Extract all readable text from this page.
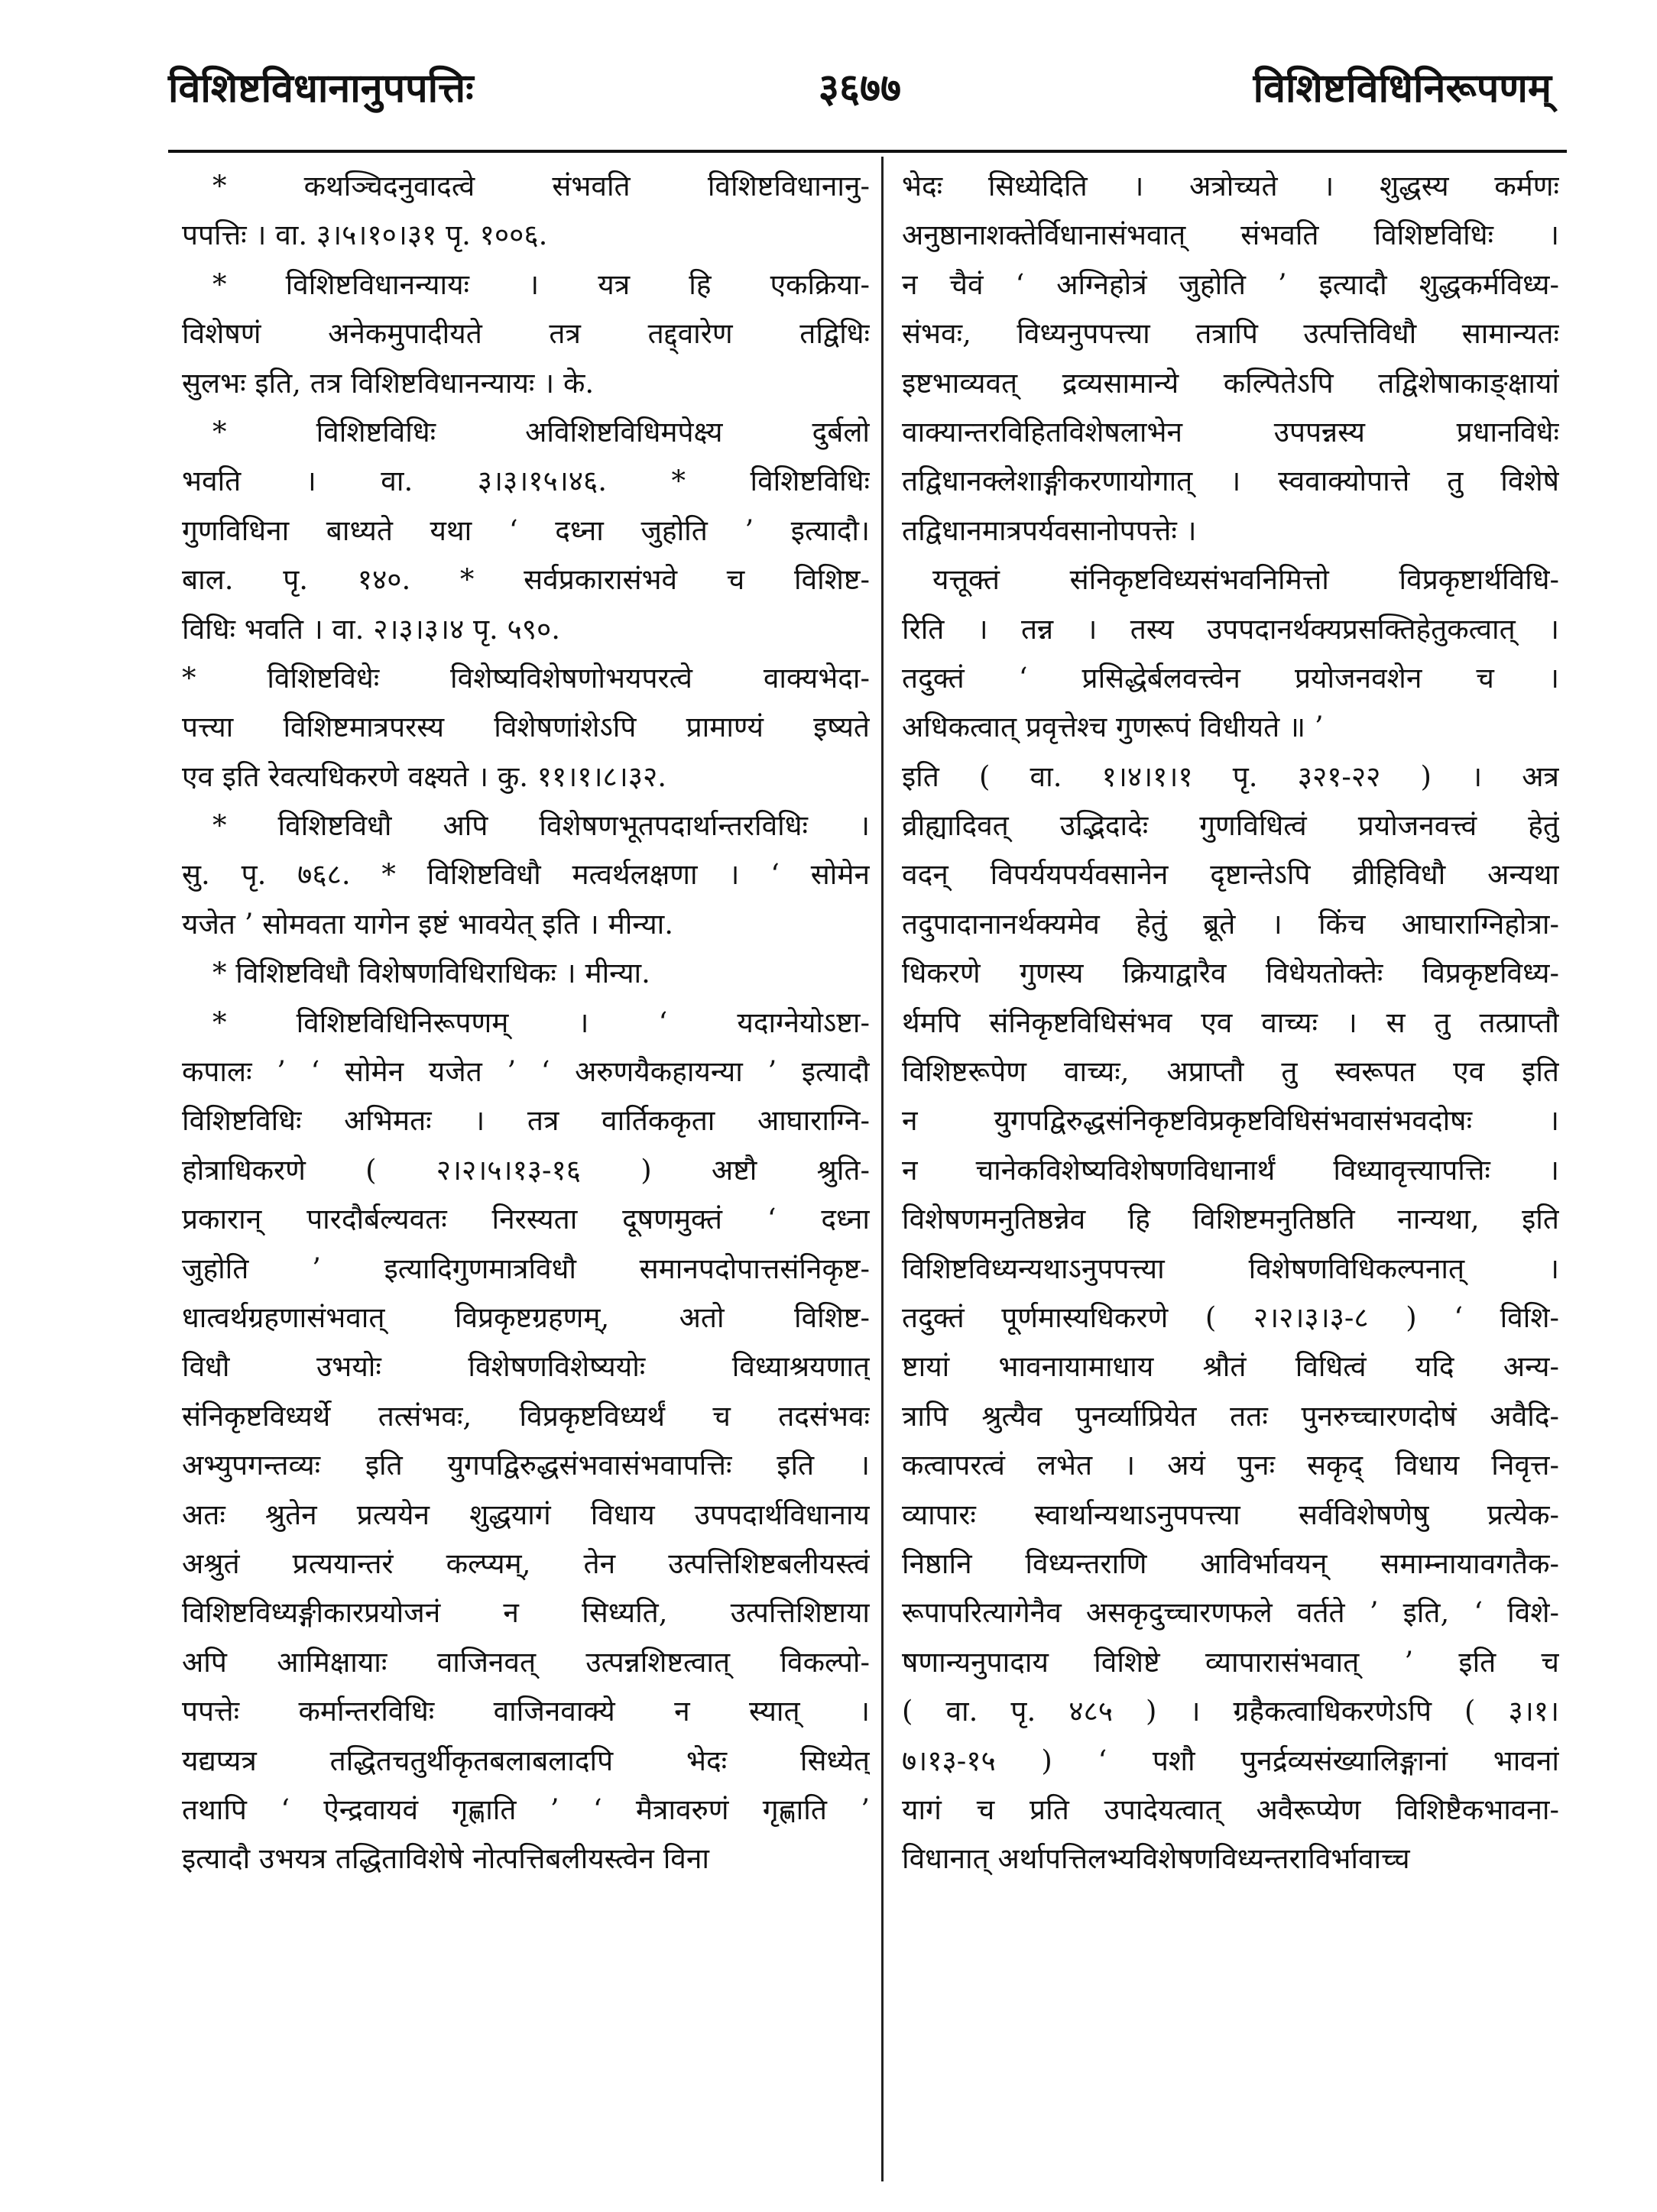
विशिष्टविधानानुपपत्तिः	३६७७	विशिष्टविधिनिरूपणम्
* कथञ्चिदनुवादत्वे संभवति विशिष्टविधानानु-
पपत्तिः । वा. ३।५।१०।३१ पृ. १००६.
* विशिष्टविधानन्यायः । यत्र हि एकक्रिया-
विशेषणं अनेकमुपादीयते तत्र तद्द्वारेण तद्विधिः
सुलभः इति, तत्र विशिष्टविधानन्यायः । के.
* विशिष्टविधिः अविशिष्टविधिमपेक्ष्य दुर्बलो
भवति । वा. ३।३।१५।४६. * विशिष्टविधिः
गुणविधिना बाध्यते यथा ‘ दध्ना जुहोति ’ इत्यादौ।
बाल. पृ. १४०. * सर्वप्रकारासंभवे च विशिष्ट-
विधिः भवति । वा. २।३।३।४ पृ. ५९०.
* विशिष्टविधेः विशेष्यविशेषणोभयपरत्वे वाक्यभेदा-
पत्त्या विशिष्टमात्रपरस्य विशेषणांशेऽपि प्रामाण्यं इष्यते
एव इति रेवत्यधिकरणे वक्ष्यते । कु. ११।१।८।३२.
* विशिष्टविधौ अपि विशेषणभूतपदार्थान्तरविधिः ।
सु. पृ. ७६८. * विशिष्टविधौ मत्वर्थलक्षणा । ‘ सोमेन
यजेत ’ सोमवता यागेन इष्टं भावयेत् इति । मीन्या.
* विशिष्टविधौ विशेषणविधिराधिकः । मीन्या.
* विशिष्टविधिनिरूपणम् । ‘ यदाग्नेयोऽष्टा-
कपालः ’ ‘ सोमेन यजेत ’ ‘ अरुणयैकहायन्या ’ इत्यादौ
विशिष्टविधिः अभिमतः । तत्र वार्तिककृता आघाराग्नि-
होत्राधिकरणे ( २।२।५।१३-१६ ) अष्टौ श्रुति-
प्रकारान् पारदौर्बल्यवतः निरस्यता दूषणमुक्तं ‘ दध्ना
जुहोति ’ इत्यादिगुणमात्रविधौ समानपदोपात्तसंनिकृष्ट-
धात्वर्थग्रहणासंभवात् विप्रकृष्टग्रहणम्, अतो विशिष्ट-
विधौ उभयोः विशेषणविशेष्ययोः विध्याश्रयणात्
संनिकृष्टविध्यर्थे तत्संभवः, विप्रकृष्टविध्यर्थं च तदसंभवः
अभ्युपगन्तव्यः इति युगपद्विरुद्धसंभवासंभवापत्तिः इति ।
अतः श्रुतेन प्रत्ययेन शुद्धयागं विधाय उपपदार्थविधानाय
अश्रुतं प्रत्ययान्तरं कल्प्यम्, तेन उत्पत्तिशिष्टबलीयस्त्वं
विशिष्टविध्यङ्गीकारप्रयोजनं न सिध्यति, उत्पत्तिशिष्टाया
अपि आमिक्षायाः वाजिनवत् उत्पन्नशिष्टत्वात् विकल्पो-
पपत्तेः कर्मान्तरविधिः वाजिनवाक्ये न स्यात् ।
यद्यप्यत्र तद्धितचतुर्थीकृतबलाबलादपि भेदः सिध्येत्
तथापि ‘ ऐन्द्रवायवं गृह्णाति ’ ‘ मैत्रावरुणं गृह्णाति ’
इत्यादौ उभयत्र तद्धिताविशेषे नोत्पत्तिबलीयस्त्वेन विना
भेदः सिध्येदिति । अत्रोच्यते । शुद्धस्य कर्मणः
अनुष्ठानाशक्तेर्विधानासंभवात् संभवति विशिष्टविधिः ।
न चैवं ‘ अग्निहोत्रं जुहोति ’ इत्यादौ शुद्धकर्मविध्य-
संभवः, विध्यनुपपत्त्या तत्रापि उत्पत्तिविधौ सामान्यतः
इष्टभाव्यवत् द्रव्यसामान्ये कल्पितेऽपि तद्विशेषाकाङ्क्षायां
वाक्यान्तरविहितविशेषलाभेन उपपन्नस्य प्रधानविधेः
तद्विधानक्लेशाङ्गीकरणायोगात् । स्ववाक्योपात्ते तु विशेषे
तद्विधानमात्रपर्यवसानोपपत्तेः ।
यत्तूक्तं संनिकृष्टविध्यसंभवनिमित्तो विप्रकृष्टार्थविधि-
रिति । तन्न । तस्य उपपदानर्थक्यप्रसक्तिहेतुकत्वात् ।
तदुक्तं ‘ प्रसिद्धेर्बलवत्त्वेन प्रयोजनवशेन च ।
अधिकत्वात् प्रवृत्तेश्च गुणरूपं विधीयते ॥ ’
इति ( वा. १।४।१।१ पृ. ३२१-२२ ) । अत्र
व्रीह्यादिवत् उद्भिदादेः गुणविधित्वं प्रयोजनवत्त्वं हेतुं
वदन् विपर्ययपर्यवसानेन दृष्टान्तेऽपि व्रीहिविधौ अन्यथा
तदुपादानानर्थक्यमेव हेतुं ब्रूते । किंच आघाराग्निहोत्रा-
धिकरणे गुणस्य क्रियाद्वारैव विधेयतोक्तेः विप्रकृष्टविध्य-
र्थमपि संनिकृष्टविधिसंभव एव वाच्यः । स तु तत्प्राप्तौ
विशिष्टरूपेण वाच्यः, अप्राप्तौ तु स्वरूपत एव इति
न युगपद्विरुद्धसंनिकृष्टविप्रकृष्टविधिसंभवासंभवदोषः ।
न चानेकविशेष्यविशेषणविधानार्थं विध्यावृत्त्यापत्तिः ।
विशेषणमनुतिष्ठन्नेव हि विशिष्टमनुतिष्ठति नान्यथा, इति
विशिष्टविध्यन्यथाऽनुपपत्त्या विशेषणविधिकल्पनात् ।
तदुक्तं पूर्णमास्यधिकरणे ( २।२।३।३-८ ) ‘ विशि-
ष्टायां भावनायामाधाय श्रौतं विधित्वं यदि अन्य-
त्रापि श्रुत्यैव पुनर्व्याप्रियेत ततः पुनरुच्चारणदोषं अवैदि-
कत्वापरत्वं लभेत । अयं पुनः सकृद् विधाय निवृत्त-
व्यापारः स्वार्थान्यथाऽनुपपत्त्या सर्वविशेषणेषु प्रत्येक-
निष्ठानि विध्यन्तराणि आविर्भावयन् समाम्नायावगतैक-
रूपापरित्यागेनैव असकृदुच्चारणफले वर्तते ’ इति, ‘ विशे-
षणान्यनुपादाय विशिष्टे व्यापारासंभवात् ’ इति च
( वा. पृ. ४८५ ) । ग्रहैकत्वाधिकरणेऽपि ( ३।१।
७।१३-१५ ) ‘ पशौ पुनर्द्रव्यसंख्यालिङ्गानां भावनां
यागं च प्रति उपादेयत्वात् अवैरूप्येण विशिष्टैकभावना-
विधानात् अर्थापत्तिलभ्यविशेषणविध्यन्तराविर्भावाच्च
